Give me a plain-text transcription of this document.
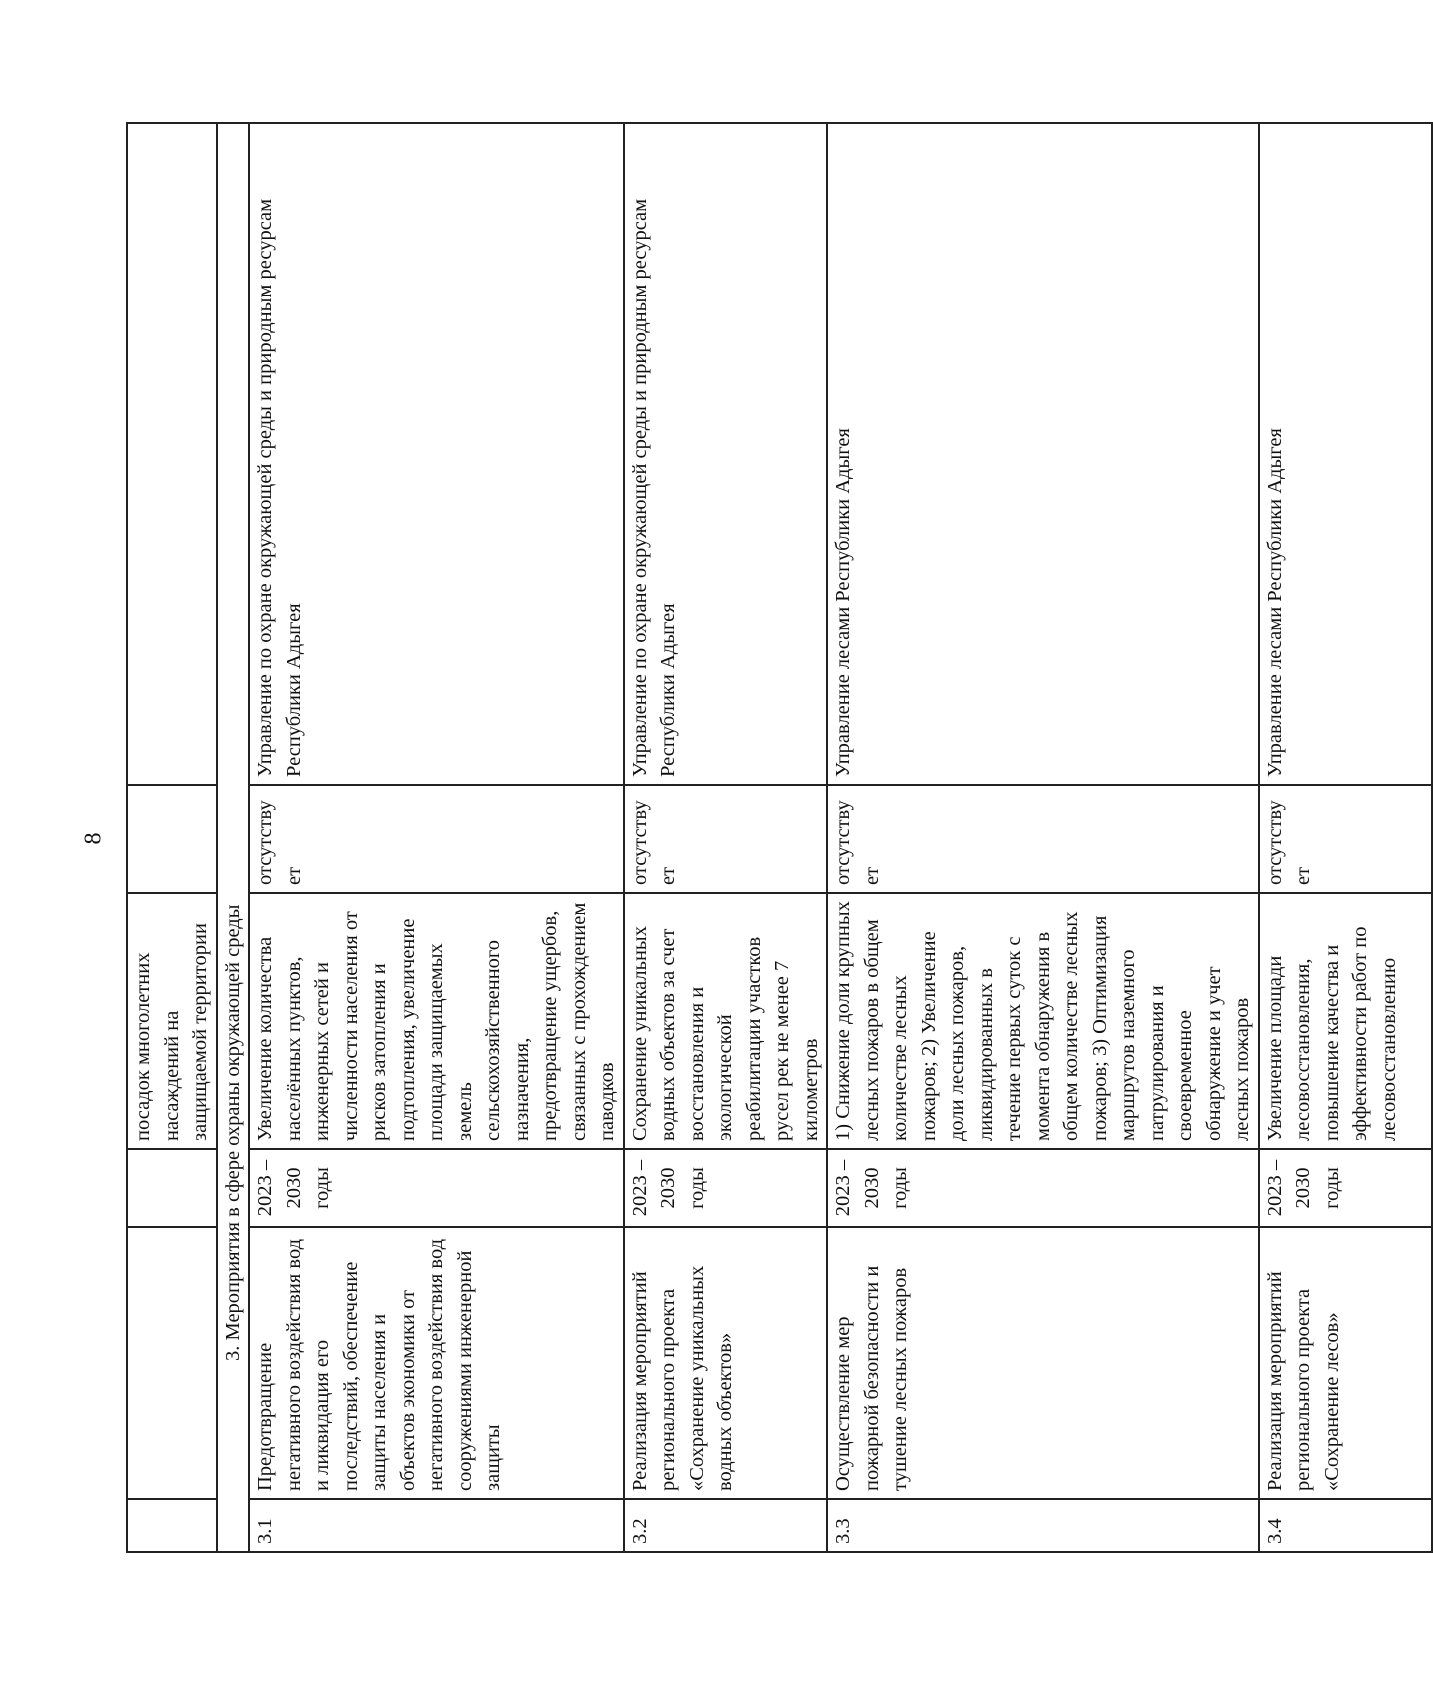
8
			посадок многолетних насаждений на защищаемой территории		
3. Мероприятия в сфере охраны окружающей среды					
3.1	Предотвращение негативного воздействия вод и ликвидация его последствий, обеспечение защиты населения и объектов экономики от негативного воздействия вод сооружениями инженерной защиты	2023 – 2030 годы	Увеличение количества населённых пунктов, инженерных сетей и численности населения от рисков затопления и подтопления, увеличение площади защищаемых земель сельскохозяйственного назначения, предотвращение ущербов, связанных с прохождением паводков	отсутствует	Управление по охране окружающей среды и природным ресурсам Республики Адыгея
3.2	Реализация мероприятий регионального проекта «Сохранение уникальных водных объектов»	2023 – 2030 годы	Сохранение уникальных водных объектов за счет восстановления и экологической реабилитации участков русел рек не менее 7 километров	отсутствует	Управление по охране окружающей среды и природным ресурсам Республики Адыгея
3.3	Осуществление мер пожарной безопасности и тушение лесных пожаров	2023 – 2030 годы	1) Снижение доли крупных лесных пожаров в общем количестве лесных пожаров; 2) Увеличение доли лесных пожаров, ликвидированных в течение первых суток с момента обнаружения в общем количестве лесных пожаров; 3) Оптимизация маршрутов наземного патрулирования и своевременное обнаружение и учет лесных пожаров	отсутствует	Управление лесами Республики Адыгея
3.4	Реализация мероприятий регионального проекта «Сохранение лесов»	2023 – 2030 годы	Увеличение площади лесовосстановления, повышение качества и эффективности работ по лесовосстановлению	отсутствует	Управление лесами Республики Адыгея
